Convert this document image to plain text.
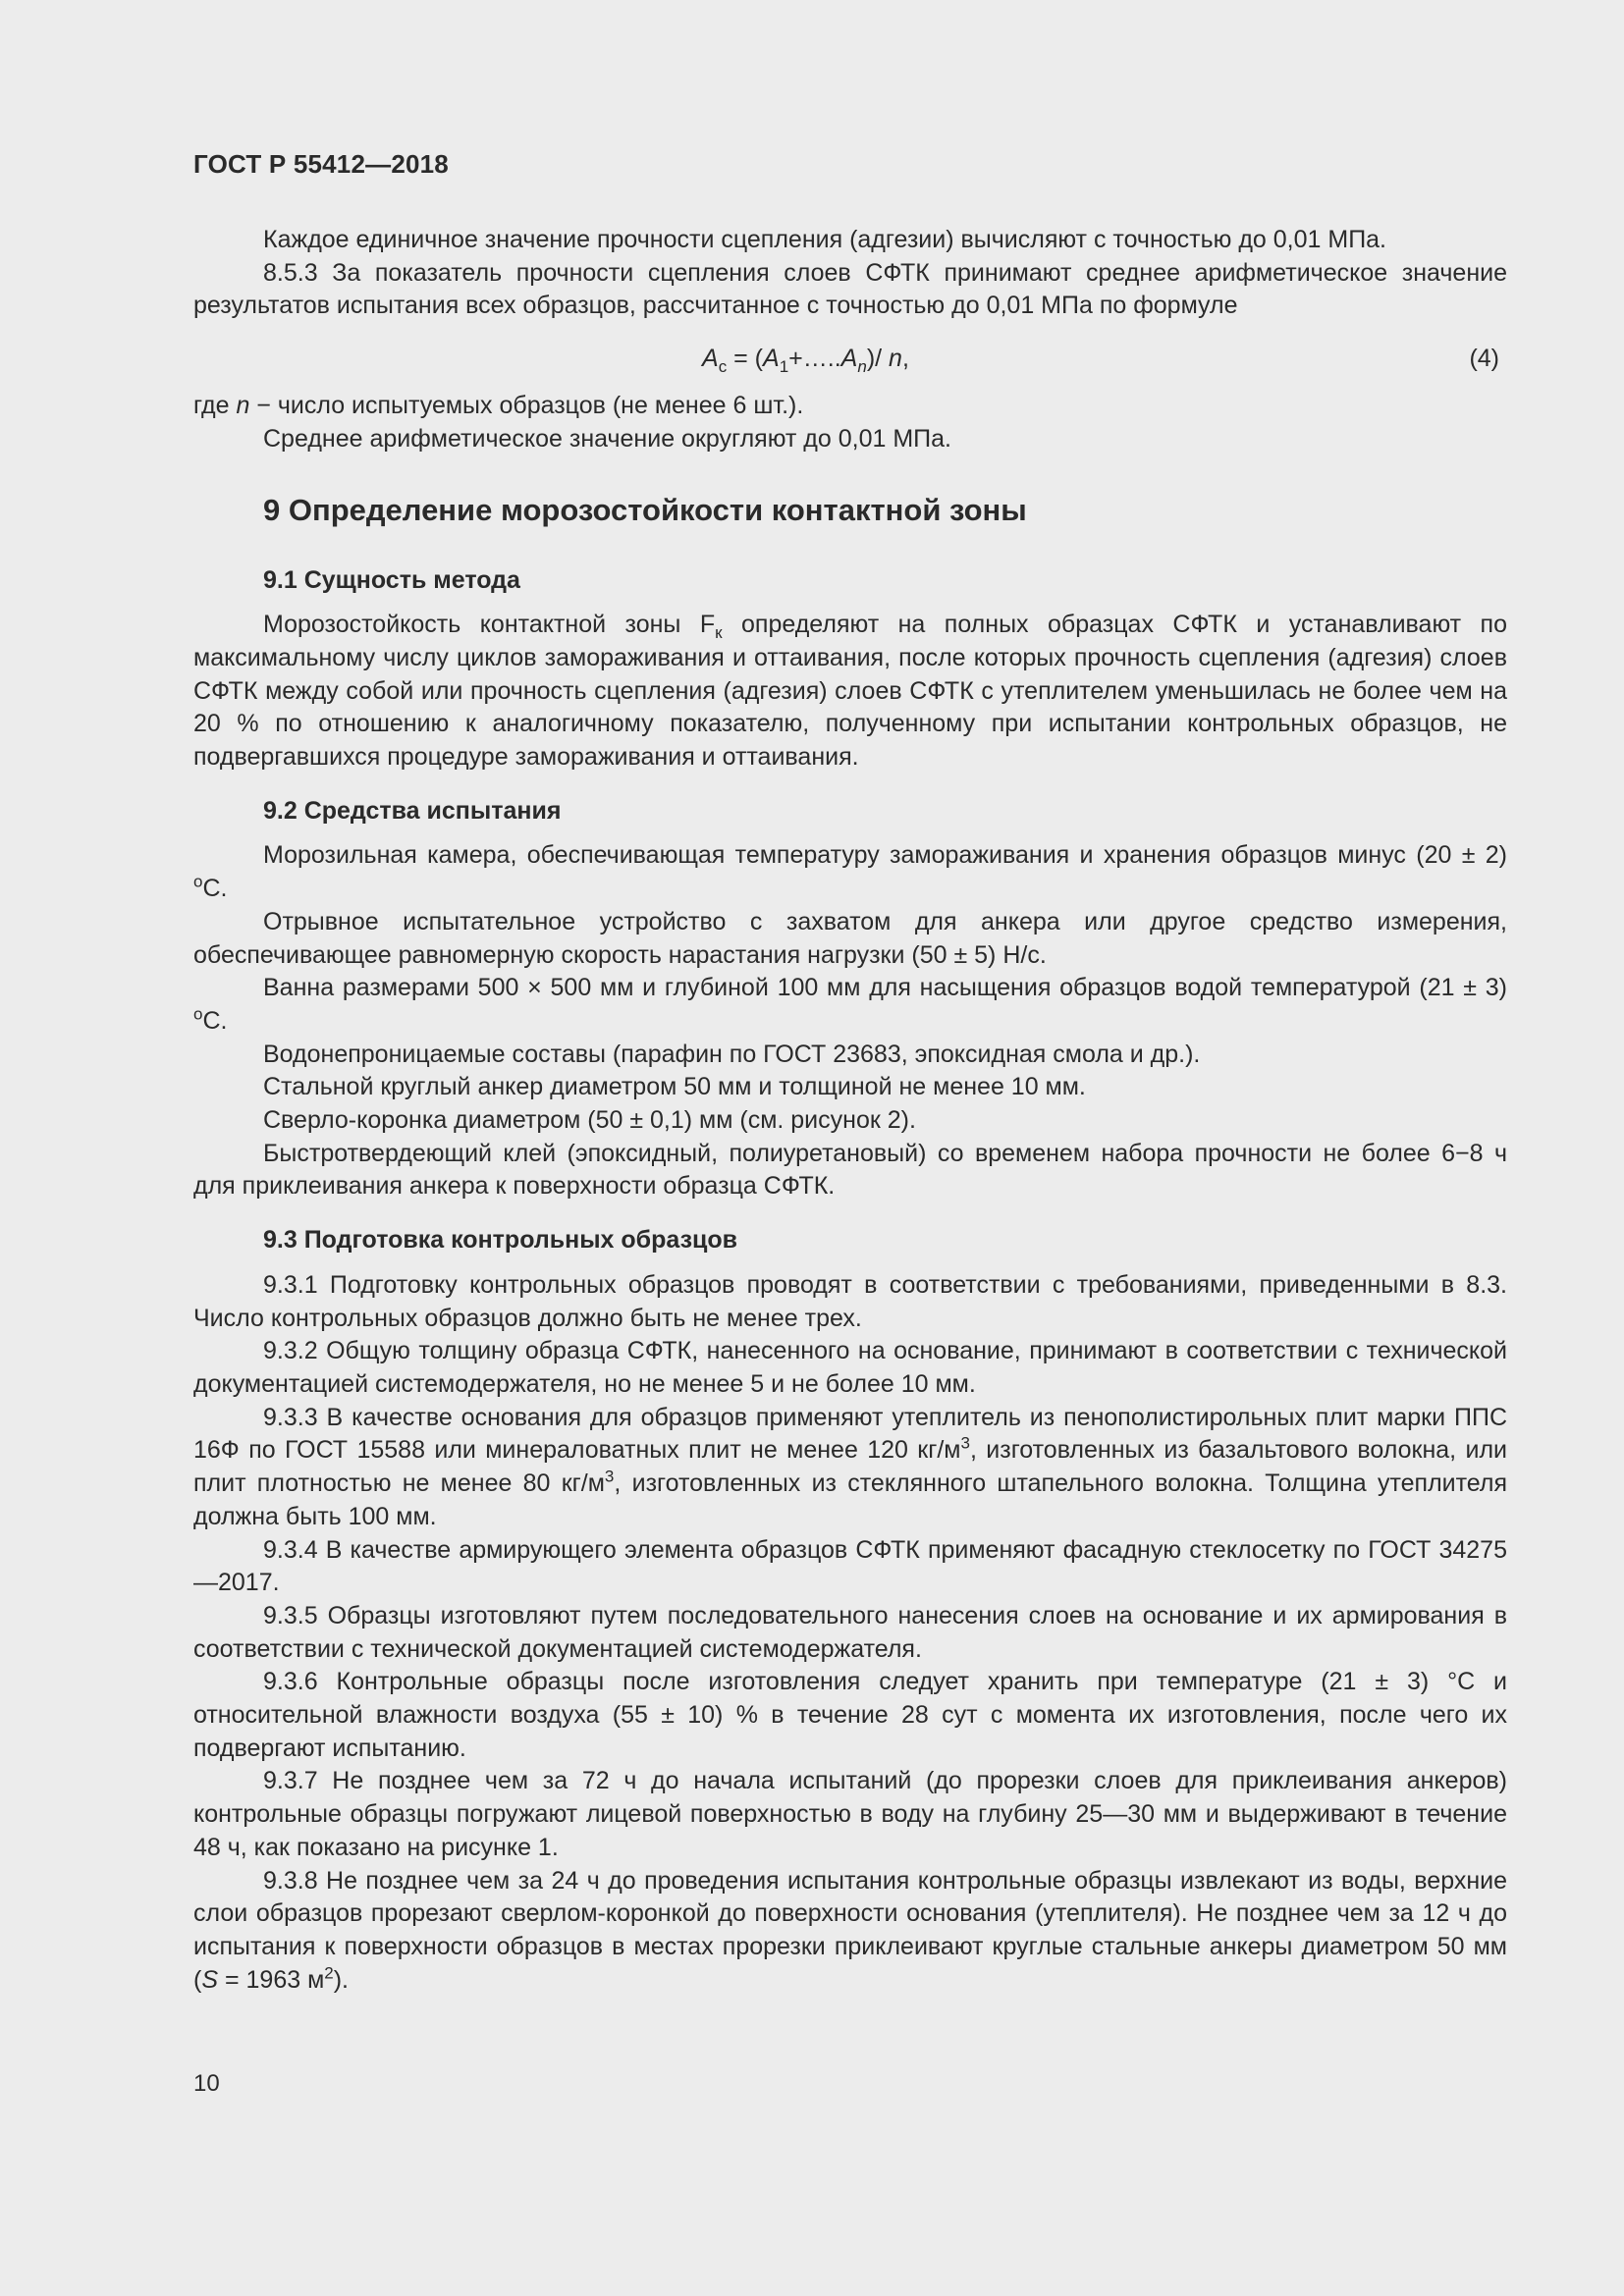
ГОСТ Р 55412—2018

Каждое единичное значение прочности сцепления (адгезии) вычисляют с точностью до 0,01 МПа.

8.5.3 За показатель прочности сцепления слоев СФТК принимают среднее арифметическое значение результатов испытания всех образцов, рассчитанное с точностью до 0,01 МПа по формуле

$A_с$ = $(A_1+\dots..A_n)/$ n,	(4)

где n − число испытуемых образцов (не менее 6 шт.).

Среднее арифметическое значение округляют до 0,01 МПа.

9 Определение морозостойкости контактной зоны
9.1 Сущность метода

Морозостойкость контактной зоны $F_к$ определяют на полных образцах СФТК и устанавливают по максимальному числу циклов замораживания и оттаивания, после которых прочность сцепления (адгезия) слоев СФТК между собой или прочность сцепления (адгезия) слоев СФТК с утеплителем уменьшилась не более чем на 20 % по отношению к аналогичному показателю, полученному при испытании контрольных образцов, не подвергавшихся процедуре замораживания и оттаивания.

9.2 Средства испытания

Морозильная камера, обеспечивающая температуру замораживания и хранения образцов минус (20 ± 2) $^о$С.

Отрывное испытательное устройство с захватом для анкера или другое средство измерения, обеспечивающее равномерную скорость нарастания нагрузки (50 ± 5) Н/с.

Ванна размерами 500 × 500 мм и глубиной 100 мм для насыщения образцов водой температурой (21 ± 3) $^о$С.

Водонепроницаемые составы (парафин по ГОСТ 23683, эпоксидная смола и др.).

Стальной круглый анкер диаметром 50 мм и толщиной не менее 10 мм.

Сверло-коронка диаметром (50 ± 0,1) мм (см. рисунок 2).

Быстротвердеющий клей (эпоксидный, полиуретановый) со временем набора прочности не более 6−8 ч для приклеивания анкера к поверхности образца СФТК.

9.3 Подготовка контрольных образцов

9.3.1 Подготовку контрольных образцов проводят в соответствии с требованиями, приведенными в 8.3. Число контрольных образцов должно быть не менее трех.

9.3.2 Общую толщину образца СФТК, нанесенного на основание, принимают в соответствии с технической документацией системодержателя, но не менее 5 и не более 10 мм.

9.3.3 В качестве основания для образцов применяют утеплитель из пенополистирольных плит марки ППС 16Ф по ГОСТ 15588 или минераловатных плит не менее 120 $кг/м^3$, изготовленных из базальтового волокна, или плит плотностью не менее 80 $кг/м^3$, изготовленных из стеклянного штапельного волокна. Толщина утеплителя должна быть 100 мм.

9.3.4 В качестве армирующего элемента образцов СФТК применяют фасадную стеклосетку по ГОСТ 34275—2017.

9.3.5 Образцы изготовляют путем последовательного нанесения слоев на основание и их армирования в соответствии с технической документацией системодержателя.

9.3.6 Контрольные образцы после изготовления следует хранить при температуре (21 ± 3) °С и относительной влажности воздуха (55 ± 10) % в течение 28 сут с момента их изготовления, после чего их подвергают испытанию.

9.3.7 Не позднее чем за 72 ч до начала испытаний (до прорезки слоев для приклеивания анкеров) контрольные образцы погружают лицевой поверхностью в воду на глубину 25—30 мм и выдерживают в течение 48 ч, как показано на рисунке 1.

9.3.8 Не позднее чем за 24 ч до проведения испытания контрольные образцы извлекают из воды, верхние слои образцов прорезают сверлом-коронкой до поверхности основания (утеплителя). Не позднее чем за 12 ч до испытания к поверхности образцов в местах прорезки приклеивают круглые стальные анкеры диаметром 50 мм (S = 1963 $м^2$).

10
